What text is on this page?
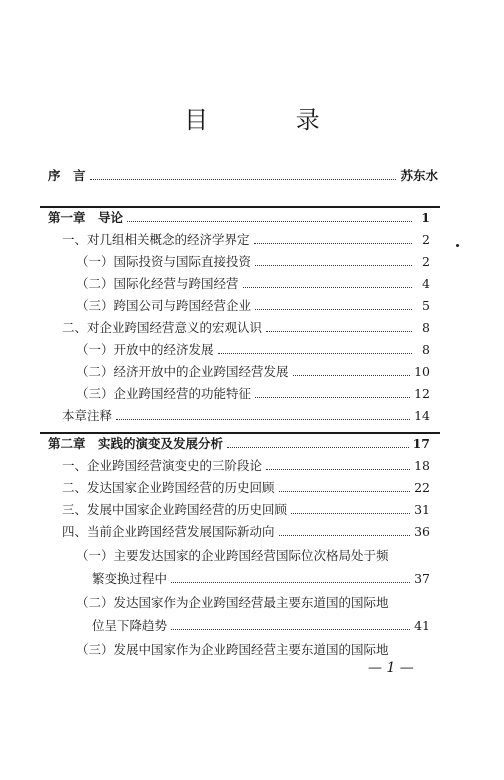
目 录
序　言	苏东水
第一章　导论	1
一、对几组相关概念的经济学界定	2
（一）国际投资与国际直接投资	2
（二）国际化经营与跨国经营	4
（三）跨国公司与跨国经营企业	5
二、对企业跨国经营意义的宏观认识	8
（一）开放中的经济发展	8
（二）经济开放中的企业跨国经营发展	10
（三）企业跨国经营的功能特征	12
本章注释	14
第二章　实践的演变及发展分析	17
一、企业跨国经营演变史的三阶段论	18
二、发达国家企业跨国经营的历史回顾	22
三、发展中国家企业跨国经营的历史回顾	31
四、当前企业跨国经营发展国际新动向	36
（一）主要发达国家的企业跨国经营国际位次格局处于频
繁变换过程中	37
（二）发达国家作为企业跨国经营最主要东道国的国际地
位呈下降趋势	41
（三）发展中国家作为企业跨国经营主要东道国的国际地
— 1 —
